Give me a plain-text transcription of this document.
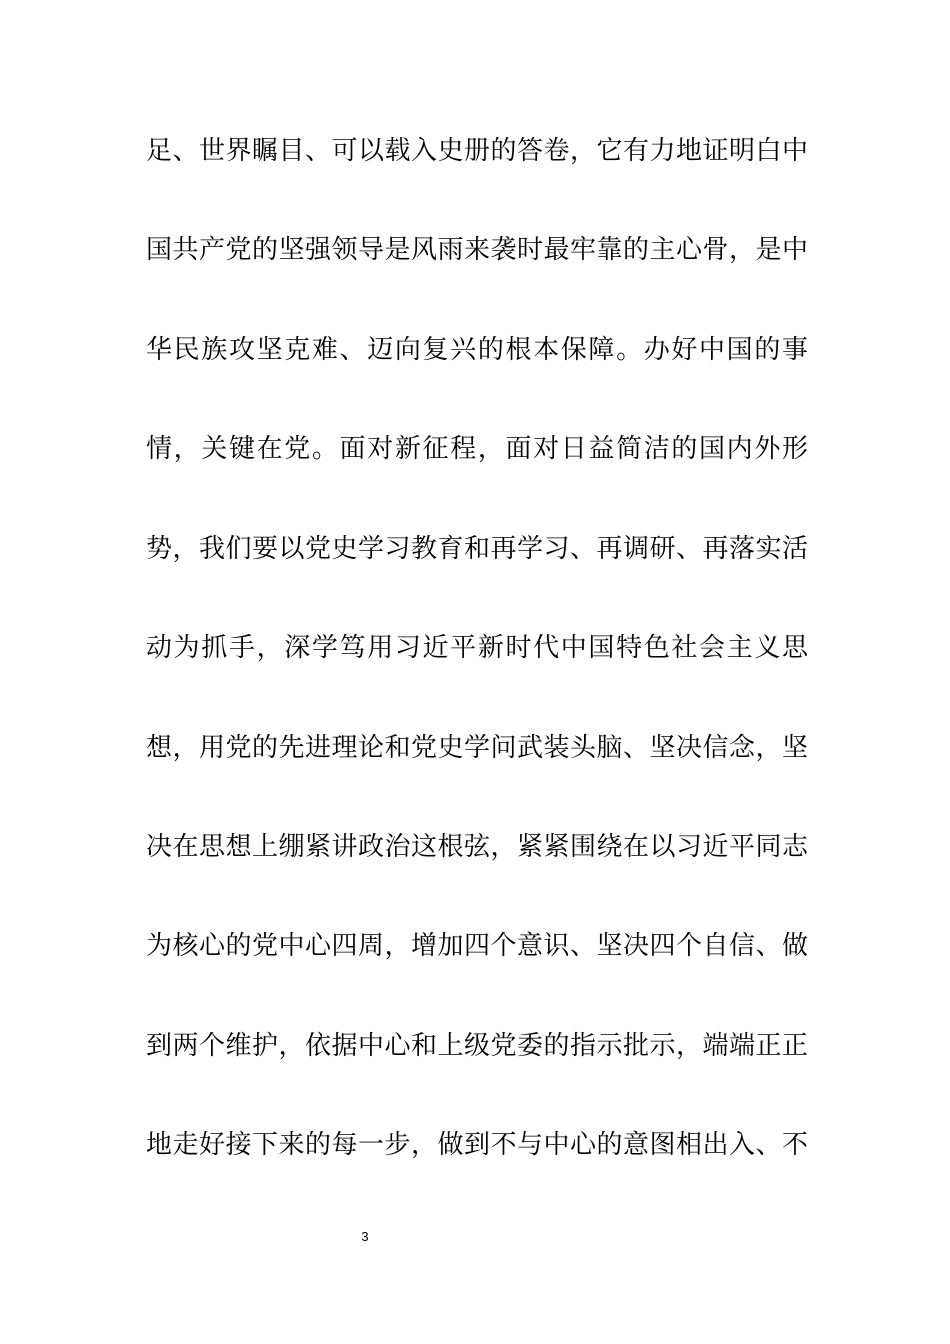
足、世界瞩目、可以载入史册的答卷，它有力地证明白中
国共产党的坚强领导是风雨来袭时最牢靠的主心骨，是中
华民族攻坚克难、迈向复兴的根本保障。办好中国的事
情，关键在党。面对新征程，面对日益简洁的国内外形
势，我们要以党史学习教育和再学习、再调研、再落实活
动为抓手，深学笃用习近平新时代中国特色社会主义思
想，用党的先进理论和党史学问武装头脑、坚决信念，坚
决在思想上绷紧讲政治这根弦，紧紧围绕在以习近平同志
为核心的党中心四周，增加四个意识、坚决四个自信、做
到两个维护，依据中心和上级党委的指示批示，端端正正
地走好接下来的每一步，做到不与中心的意图相出入、不
3
